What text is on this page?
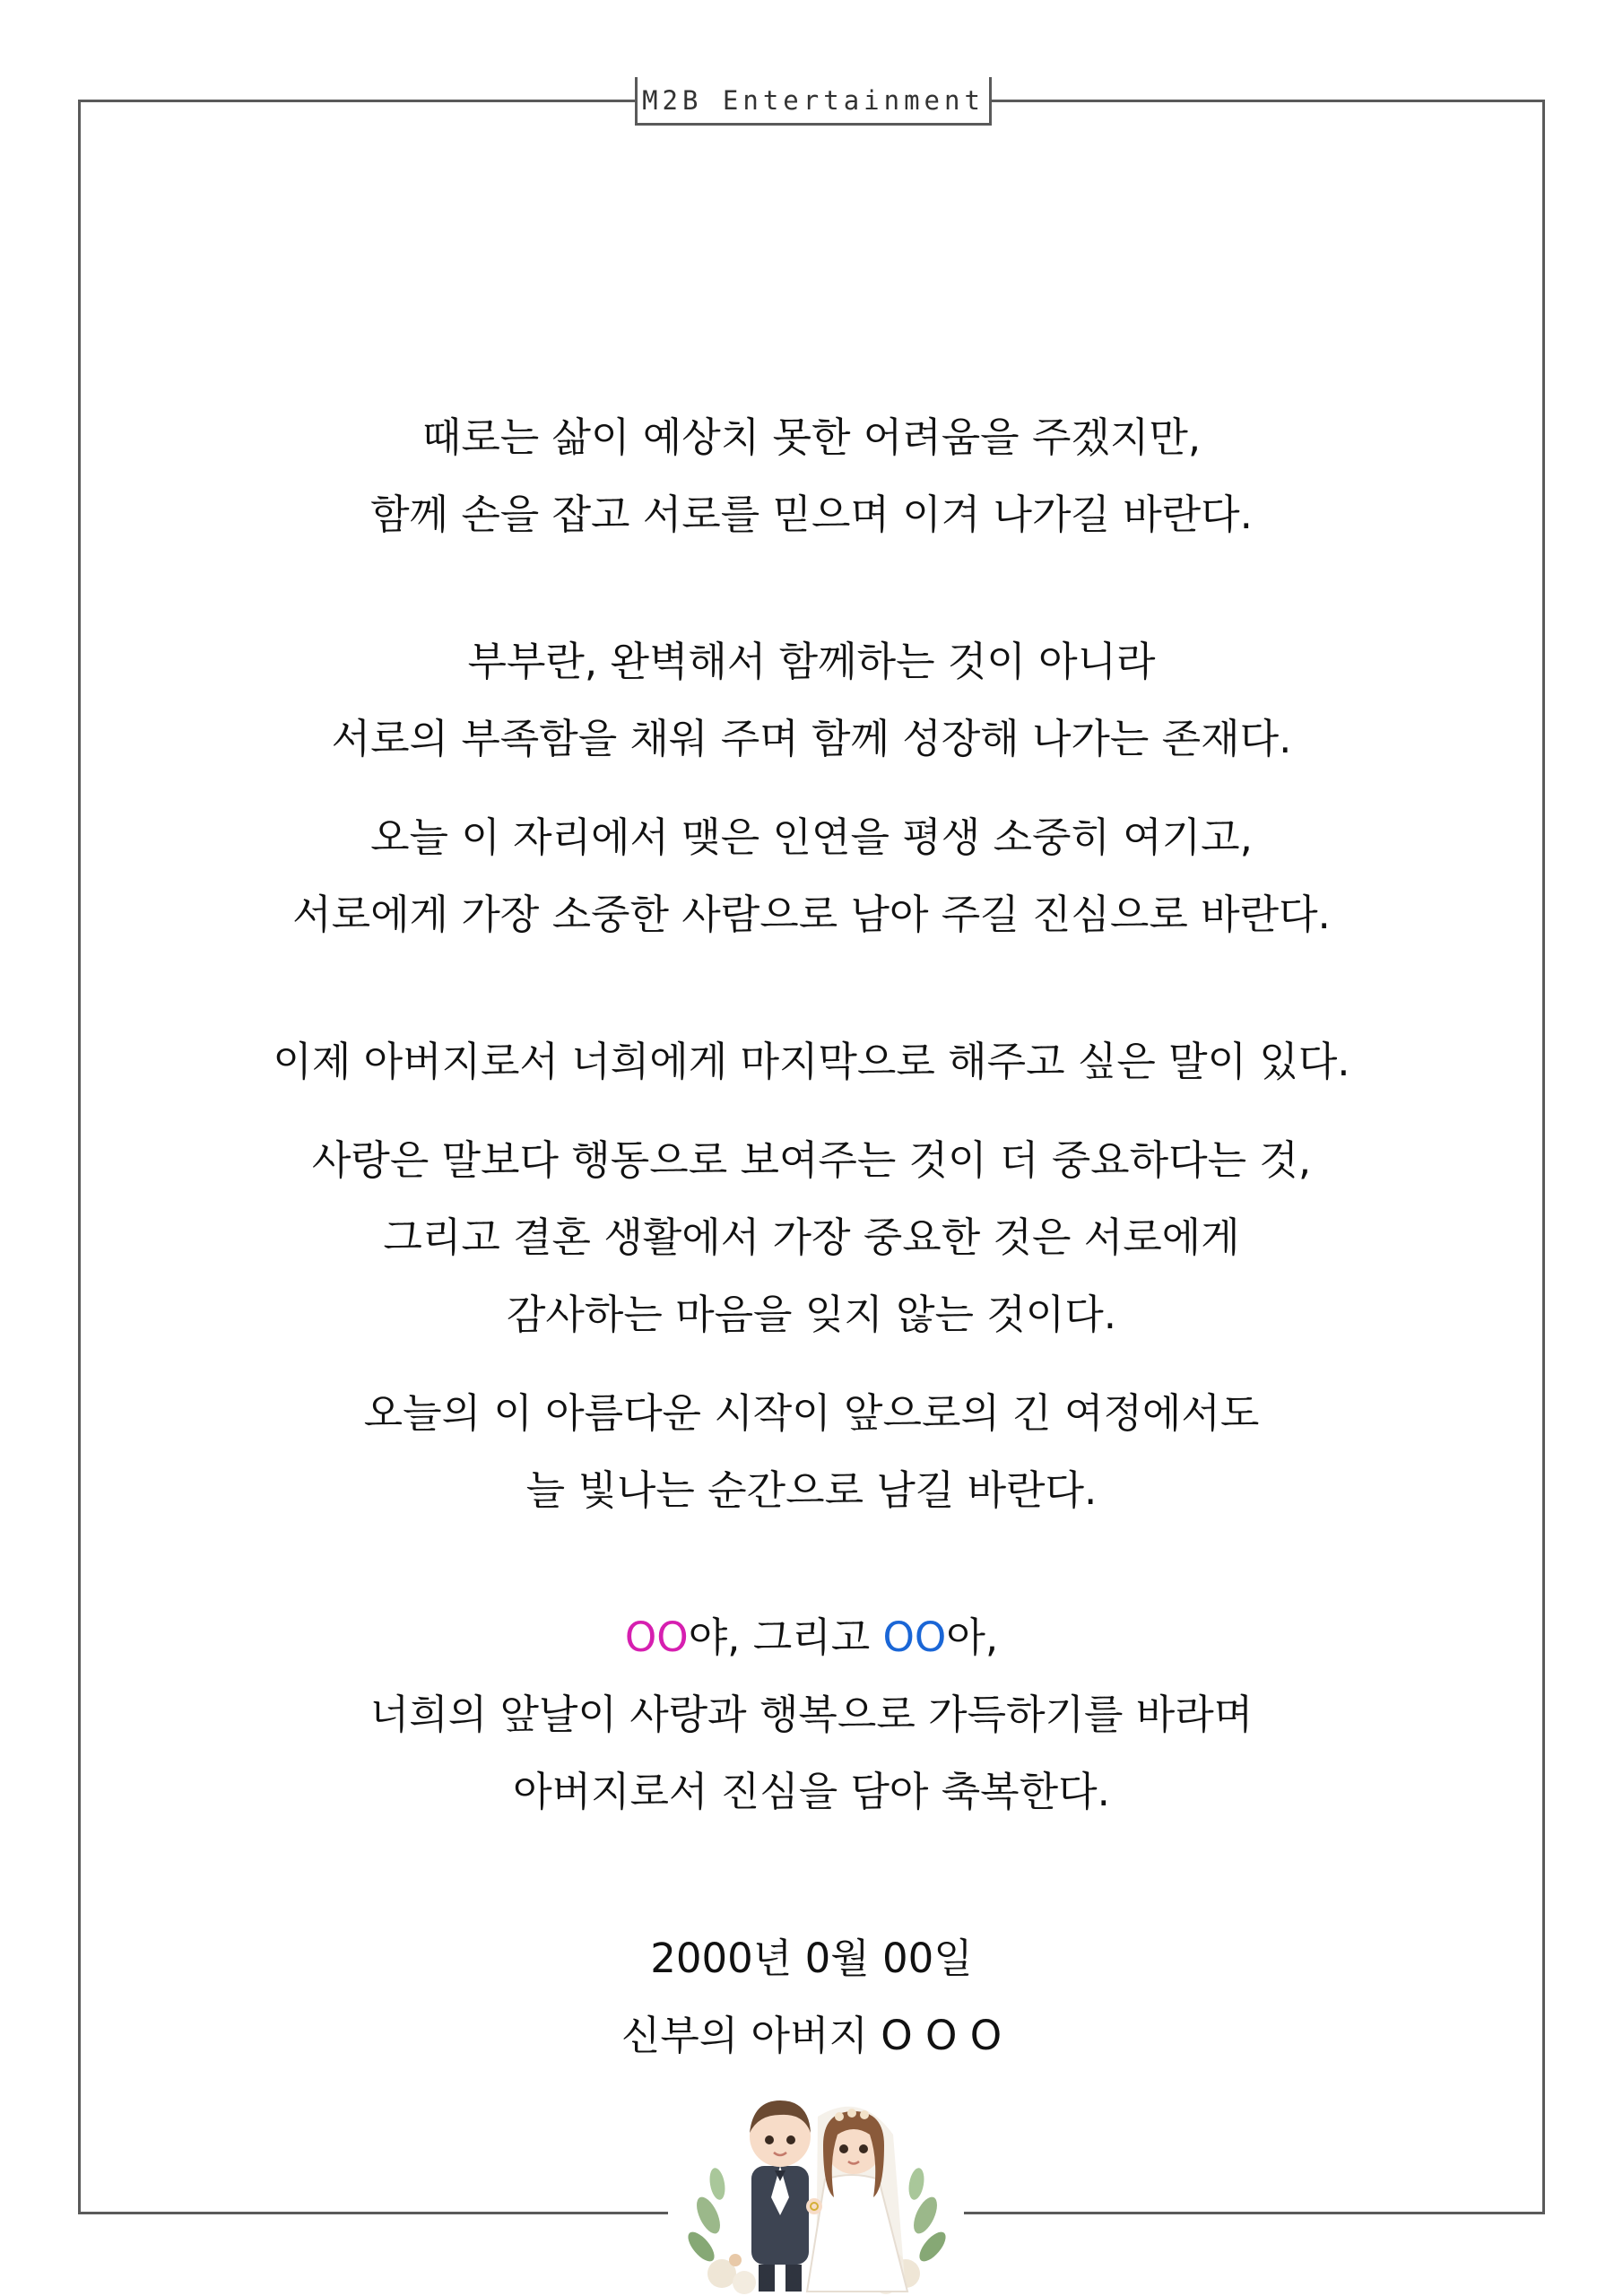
M2B Entertainment

때로는 삶이 예상치 못한 어려움을 주겠지만,
함께 손을 잡고 서로를 믿으며 이겨 나가길 바란다.

부부란, 완벽해서 함께하는 것이 아니라
서로의 부족함을 채워 주며 함께 성장해 나가는 존재다.

오늘 이 자리에서 맺은 인연을 평생 소중히 여기고,
서로에게 가장 소중한 사람으로 남아 주길 진심으로 바란다.

이제 아버지로서 너희에게 마지막으로 해주고 싶은 말이 있다.

사랑은 말보다 행동으로 보여주는 것이 더 중요하다는 것,
그리고 결혼 생활에서 가장 중요한 것은 서로에게
감사하는 마음을 잊지 않는 것이다.

오늘의 이 아름다운 시작이 앞으로의 긴 여정에서도
늘 빛나는 순간으로 남길 바란다.

OO야, 그리고 OO아,
너희의 앞날이 사랑과 행복으로 가득하기를 바라며
아버지로서 진심을 담아 축복한다.

2000년 0월 00일
신부의 아버지 O O O
